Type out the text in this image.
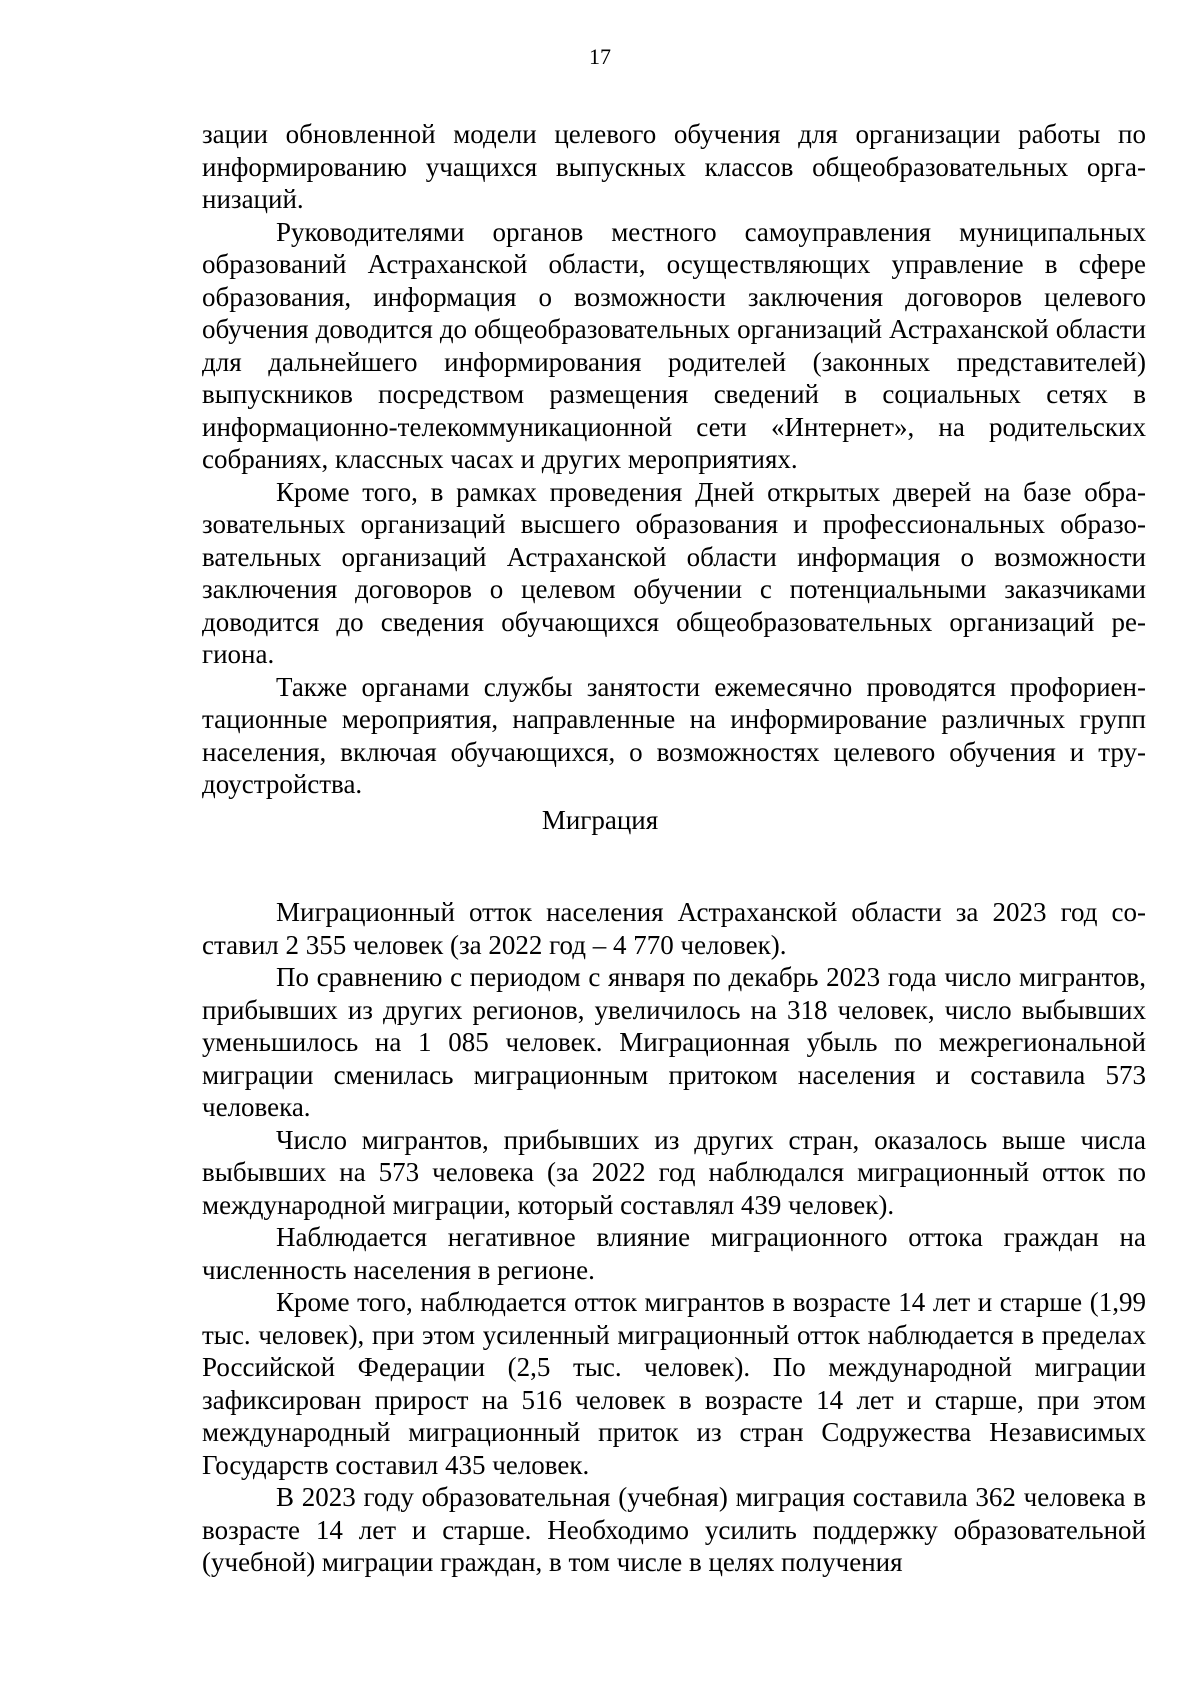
17

зации обновленной модели целевого обучения для организации работы по информированию учащихся выпускных классов общеобразовательных организаций.

Руководителями органов местного самоуправления муниципальных образований Астраханской области, осуществляющих управление в сфере образования, информация о возможности заключения договоров целевого обучения доводится до общеобразовательных организаций Астраханской области для дальнейшего информирования родителей (законных представителей) выпускников посредством размещения сведений в социальных сетях в информационно-телекоммуникационной сети «Интернет», на родительских собраниях, классных часах и других мероприятиях.

Кроме того, в рамках проведения Дней открытых дверей на базе образовательных организаций высшего образования и профессиональных образовательных организаций Астраханской области информация о возможности заключения договоров о целевом обучении с потенциальными заказчиками доводится до сведения обучающихся общеобразовательных организаций региона.

Также органами службы занятости ежемесячно проводятся профориентационные мероприятия, направленные на информирование различных групп населения, включая обучающихся, о возможностях целевого обучения и трудоустройства.

Миграция

Миграционный отток населения Астраханской области за 2023 год составил 2 355 человек (за 2022 год – 4 770 человек).

По сравнению с периодом с января по декабрь 2023 года число мигрантов, прибывших из других регионов, увеличилось на 318 человек, число выбывших уменьшилось на 1 085 человек. Миграционная убыль по межрегиональной миграции сменилась миграционным притоком населения и составила 573 человека.

Число мигрантов, прибывших из других стран, оказалось выше числа выбывших на 573 человека (за 2022 год наблюдался миграционный отток по международной миграции, который составлял 439 человек).

Наблюдается негативное влияние миграционного оттока граждан на численность населения в регионе.

Кроме того, наблюдается отток мигрантов в возрасте 14 лет и старше (1,99 тыс. человек), при этом усиленный миграционный отток наблюдается в пределах Российской Федерации (2,5 тыс. человек). По международной миграции зафиксирован прирост на 516 человек в возрасте 14 лет и старше, при этом международный миграционный приток из стран Содружества Независимых Государств составил 435 человек.

В 2023 году образовательная (учебная) миграция составила 362 человека в возрасте 14 лет и старше. Необходимо усилить поддержку образовательной (учебной) миграции граждан, в том числе в целях получения
